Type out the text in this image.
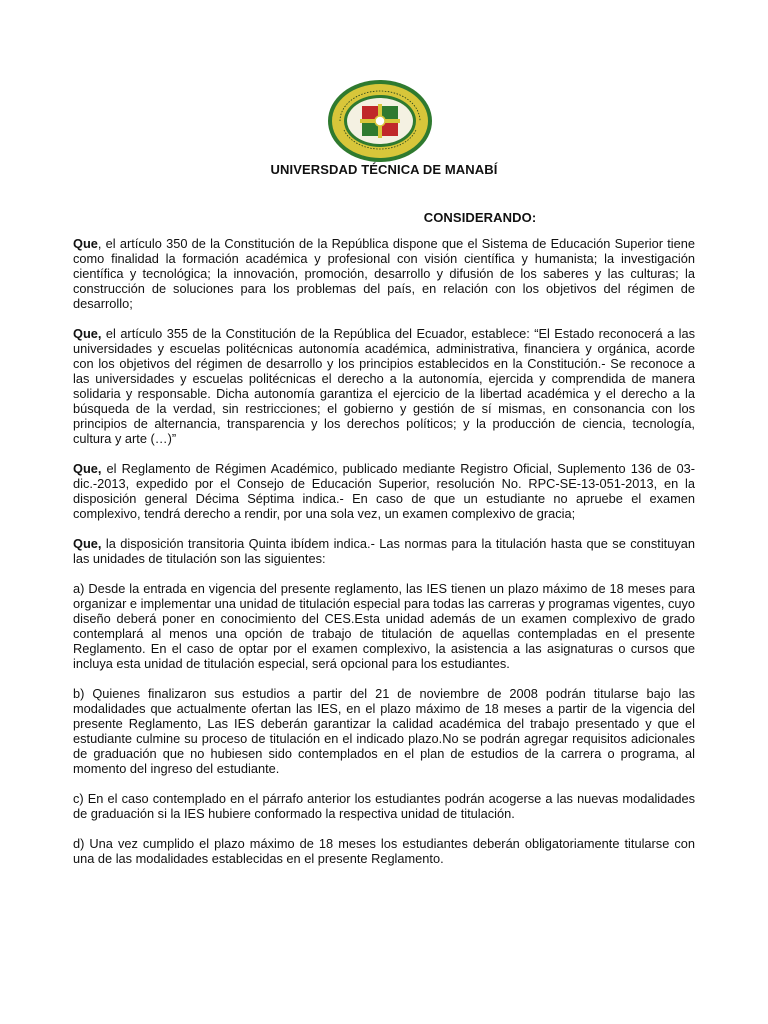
UNIVERSDAD TÉCNICA DE MANABÍ
CONSIDERANDO:

Que, el artículo 350 de la Constitución de la República dispone que el Sistema de Educación Superior tiene como finalidad la formación académica y profesional con visión científica y humanista; la investigación científica y tecnológica; la innovación, promoción, desarrollo y difusión de los saberes y las culturas; la construcción de soluciones para los problemas del país, en relación con los objetivos del régimen de desarrollo;

Que, el artículo 355 de la Constitución de la República del Ecuador, establece: “El Estado reconocerá a las universidades y escuelas politécnicas autonomía académica, administrativa, financiera y orgánica, acorde con los objetivos del régimen de desarrollo y los principios establecidos en la Constitución.- Se reconoce a las universidades y escuelas politécnicas el derecho a la autonomía, ejercida y comprendida de manera solidaria y responsable. Dicha autonomía garantiza el ejercicio de la libertad académica y el derecho a la búsqueda de la verdad, sin restricciones; el gobierno y gestión de sí mismas, en consonancia con los principios de alternancia, transparencia y los derechos políticos; y la producción de ciencia, tecnología, cultura y arte (…)”

Que, el Reglamento de Régimen Académico, publicado mediante Registro Oficial, Suplemento 136 de 03-dic.-2013, expedido por el Consejo de Educación Superior, resolución No. RPC-SE-13-051-2013, en la disposición general Décima Séptima indica.- En caso de que un estudiante no apruebe el examen complexivo, tendrá derecho a rendir, por una sola vez, un examen complexivo de gracia;

Que, la disposición transitoria Quinta ibídem indica.- Las normas para la titulación hasta que se constituyan las unidades de titulación son las siguientes:

a) Desde la entrada en vigencia del presente reglamento, las IES tienen un plazo máximo de 18 meses para organizar e implementar una unidad de titulación especial para todas las carreras y programas vigentes, cuyo diseño deberá poner en conocimiento del CES.Esta unidad además de un examen complexivo de grado contemplará al menos una opción de trabajo de titulación de aquellas contempladas en el presente Reglamento. En el caso de optar por el examen complexivo, la asistencia a las asignaturas o cursos que incluya esta unidad de titulación especial, será opcional para los estudiantes.

b) Quienes finalizaron sus estudios a partir del 21 de noviembre de 2008 podrán titularse bajo las modalidades que actualmente ofertan las IES, en el plazo máximo de 18 meses a partir de la vigencia del presente Reglamento, Las IES deberán garantizar la calidad académica del trabajo presentado y que el estudiante culmine su proceso de titulación en el indicado plazo.No se podrán agregar requisitos adicionales de graduación que no hubiesen sido contemplados en el plan de estudios de la carrera o programa, al momento del ingreso del estudiante.

c) En el caso contemplado en el párrafo anterior los estudiantes podrán acogerse a las nuevas modalidades de graduación si la IES hubiere conformado la respectiva unidad de titulación.

d) Una vez cumplido el plazo máximo de 18 meses los estudiantes deberán obligatoriamente titularse con una de las modalidades establecidas en el presente Reglamento.
